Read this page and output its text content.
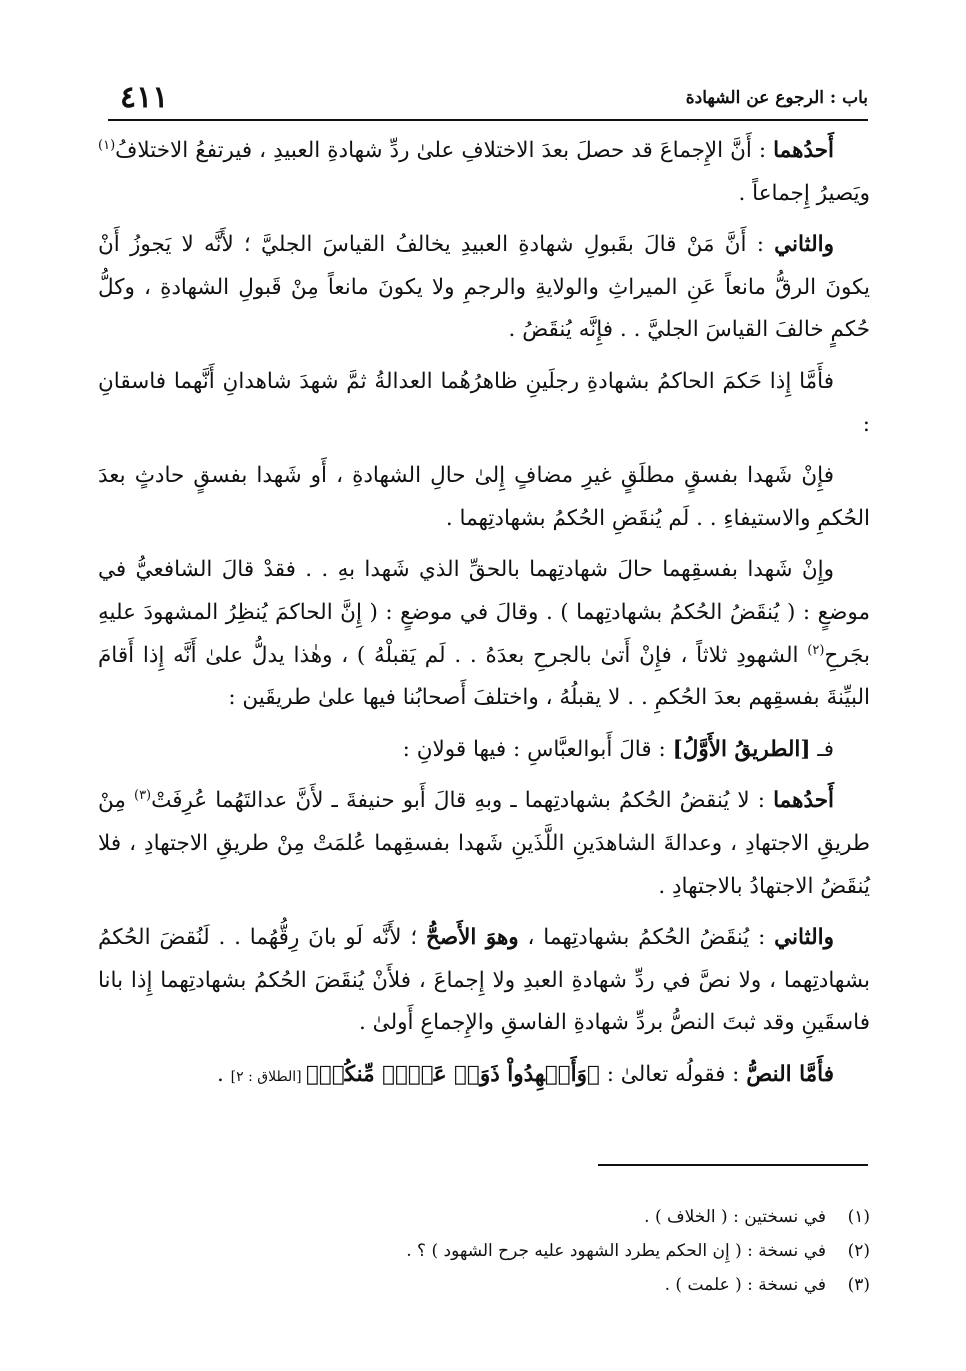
باب : الرجوع عن الشهادة
٤١١

أَحدُهما : أَنَّ الإِجماعَ قد حصلَ بعدَ الاختلافِ علىٰ ردِّ شهادةِ العبيدِ ، فيرتفعُ الاختلافُ$^{(١)}$ ويَصيرُ إِجماعاً .

والثاني : أَنَّ مَنْ قالَ بقَبولِ شهادةِ العبيدِ يخالفُ القياسَ الجليَّ ؛ لأَنَّه لا يَجوزُ أَنْ يكونَ الرقُّ مانعاً عَنِ الميراثِ والولايةِ والرجمِ ولا يكونَ مانعاً مِنْ قَبولِ الشهادةِ ، وكلُّ حُكمٍ خالفَ القياسَ الجليَّ . . فإِنَّه يُنقَضُ .

فأَمَّا إِذا حَكمَ الحاكمُ بشهادةِ رجلَينِ ظاهرُهُما العدالةُ ثمَّ شهدَ شاهدانِ أَنَّهما فاسقانِ :

فإِنْ شَهدا بفسقٍ مطلَقٍ غيرِ مضافٍ إِلىٰ حالِ الشهادةِ ، أَو شَهدا بفسقٍ حادثٍ بعدَ الحُكمِ والاستيفاءِ . . لَم يُنقَضِ الحُكمُ بشهادتِهما .

وإِنْ شَهدا بفسقِهما حالَ شهادتِهما بالحقِّ الذي شَهدا بهِ . . فقدْ قالَ الشافعيُّ في موضعٍ : ( يُنقَضُ الحُكمُ بشهادتِهما ) . وقالَ في موضعٍ : ( إِنَّ الحاكمَ يُنظِرُ المشهودَ عليهِ بجَرحِ$^{(٢)}$ الشهودِ ثلاثاً ، فإِنْ أَتىٰ بالجرحِ بعدَهُ . . لَم يَقبلْهُ ) ، وهٰذا يدلُّ علىٰ أَنَّه إِذا أَقامَ البيِّنةَ بفسقِهم بعدَ الحُكمِ . . لا يقبلُهُ ، واختلفَ أَصحابُنا فيها علىٰ طريقَين :

فـ [الطريقُ الأَوَّلُ] : قالَ أَبوالعبَّاسِ : فيها قولانِ :

أَحدُهما : لا يُنقضُ الحُكمُ بشهادتِهما ـ وبهِ قالَ أَبو حنيفةَ ـ لأَنَّ عدالتَهُما عُرِفَتْ$^{(٣)}$ مِنْ طريقِ الاجتهادِ ، وعدالةَ الشاهدَينِ اللَّذَينِ شَهدا بفسقِهما عُلمَتْ مِنْ طريقِ الاجتهادِ ، فلا يُنقَضُ الاجتهادُ بالاجتهادِ .

والثاني : يُنقَضُ الحُكمُ بشهادتِهما ، وهوَ الأَصحُّ ؛ لأَنَّه لَو بانَ رِقُّهُما . . لَنُقضَ الحُكمُ بشهادتِهما ، ولا نصَّ في ردِّ شهادةِ العبدِ ولا إِجماعَ ، فلأَنْ يُنقَضَ الحُكمُ بشهادتِهما إِذا بانا فاسقَينِ وقد ثبتَ النصُّ بردِّ شهادةِ الفاسقِ والإِجماعِ أَولىٰ .

فأَمَّا النصُّ : فقولُه تعالىٰ : ﴿وَأَشۡهِدُواْ ذَوَيۡ عَدۡلٖ مِّنكُمۡ﴾ [الطلاق : ٢] .

(١)
في نسختين : ( الخلاف ) .
(٢)
في نسخة : ( إِن الحكم يطرد الشهود عليه جرح الشهود ) ؟ .
(٣)
في نسخة : ( علمت ) .
